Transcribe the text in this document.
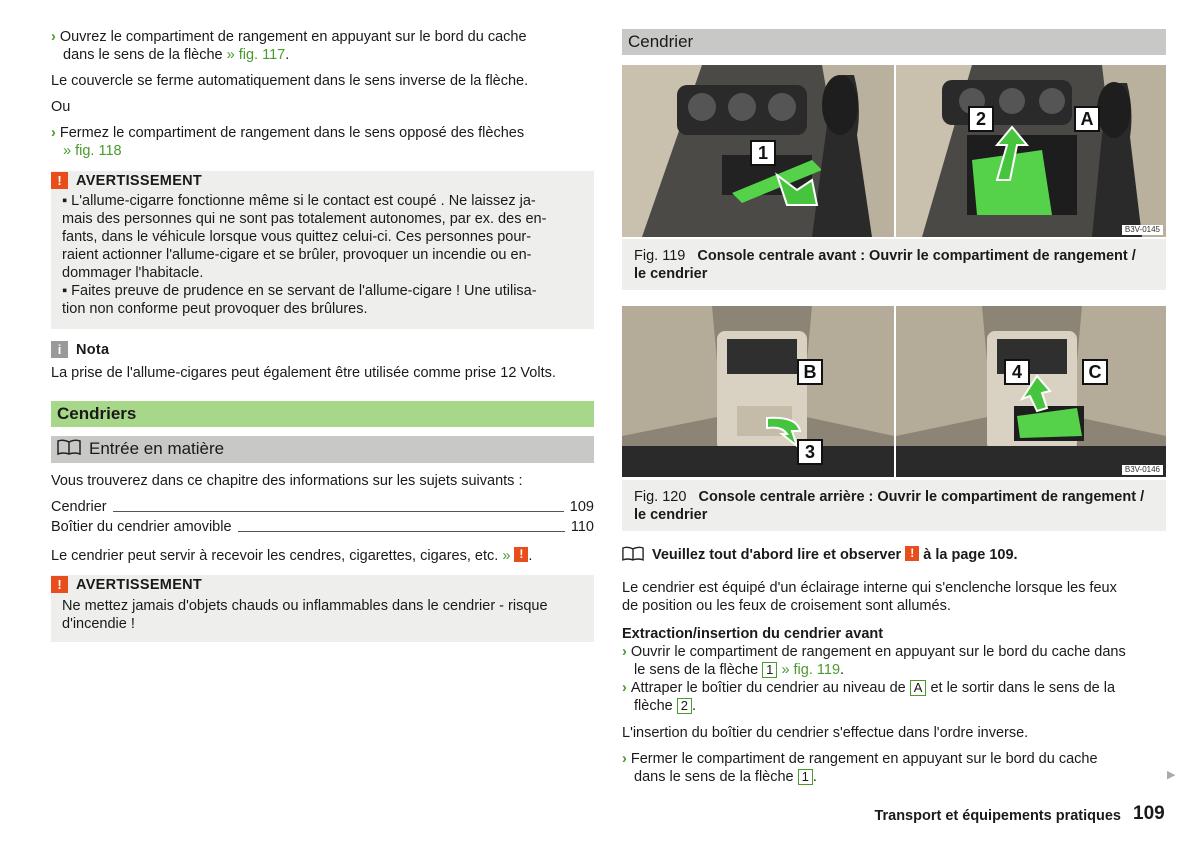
› Ouvrez le compartiment de rangement en appuyant sur le bord du cache
dans le sens de la flèche » fig. 117.
Le couvercle se ferme automatiquement dans le sens inverse de la flèche.
Ou
› Fermez le compartiment de rangement dans le sens opposé des flèches
» fig. 118
! AVERTISSEMENT
▪ L'allume-cigarre fonctionne même si le contact est coupé . Ne laissez ja-
mais des personnes qui ne sont pas totalement autonomes, par ex. des en-
fants, dans le véhicule lorsque vous quittez celui-ci. Ces personnes pour-
raient actionner l'allume-cigare et se brûler, provoquer un incendie ou en-
dommager l'habitacle.
▪ Faites preuve de prudence en se servant de l'allume-cigare ! Une utilisa-
tion non conforme peut provoquer des brûlures.
i Nota
La prise de l'allume-cigares peut également être utilisée comme prise 12 Volts.
Cendriers
Entrée en matière
Vous trouverez dans ce chapitre des informations sur les sujets suivants :
Cendrier	109
Boîtier du cendrier amovible	110
Le cendrier peut servir à recevoir les cendres, cigarettes, cigares, etc. » ! .
! AVERTISSEMENT
Ne mettez jamais d'objets chauds ou inflammables dans le cendrier - risque
d'incendie !
Cendrier
1
2	A
B3V-0145
Fig. 119 Console centrale avant : Ouvrir le compartiment de rangement /
le cendrier
B
3
4	C
B3V-0146
Fig. 120 Console centrale arrière : Ouvrir le compartiment de rangement /
le cendrier
Veuillez tout d'abord lire et observer ! à la page 109.
Le cendrier est équipé d'un éclairage interne qui s'enclenche lorsque les feux
de position ou les feux de croisement sont allumés.
Extraction/insertion du cendrier avant
› Ouvrir le compartiment de rangement en appuyant sur le bord du cache dans
le sens de la flèche 1 » fig. 119.
› Attraper le boîtier du cendrier au niveau de A et le sortir dans le sens de la
flèche 2 .
L'insertion du boîtier du cendrier s'effectue dans l'ordre inverse.
› Fermer le compartiment de rangement en appuyant sur le bord du cache
dans le sens de la flèche 1 .	▶
Transport et équipements pratiques 109
